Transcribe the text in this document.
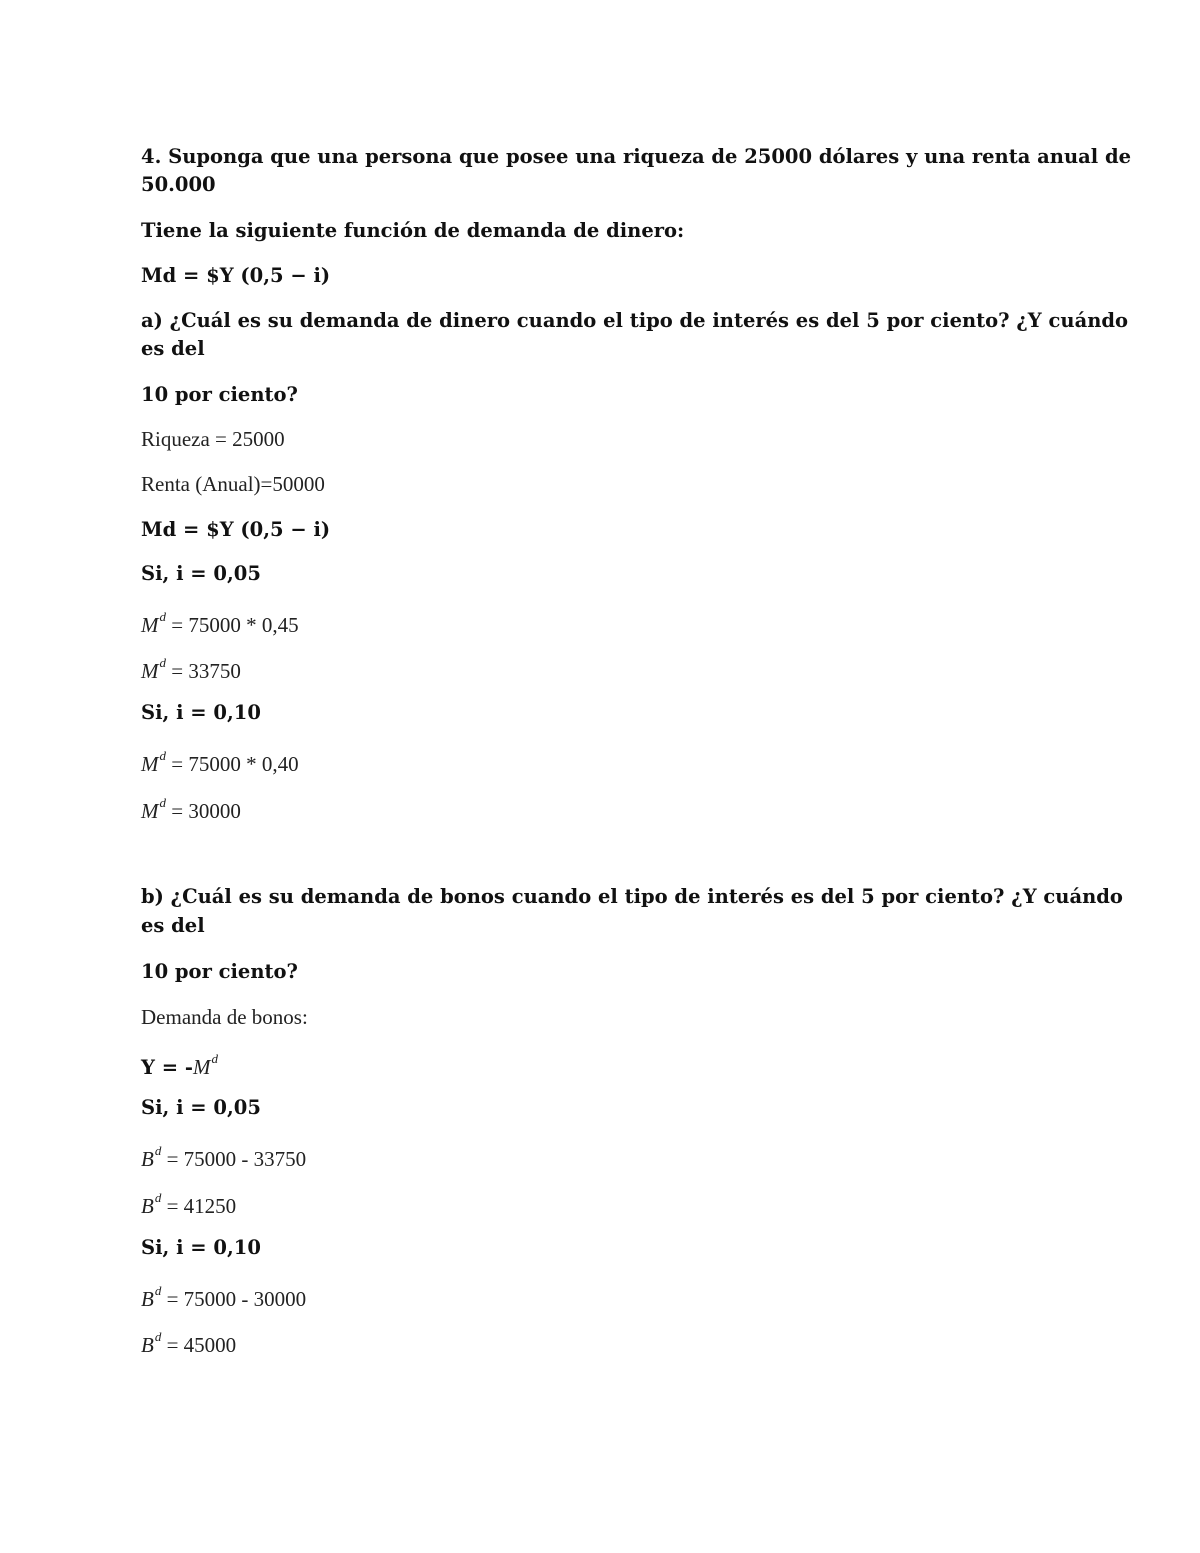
4. Suponga que una persona que posee una riqueza de 25000 dólares y una renta anual de
50.000
Tiene la siguiente función de demanda de dinero:
Md = $Y (0,5 − i)
a) ¿Cuál es su demanda de dinero cuando el tipo de interés es del 5 por ciento? ¿Y cuándo
es del
10 por ciento?
Riqueza = 25000
Renta (Anual)=50000
Md = $Y (0,5 − i)
Si, i = 0,05
$M^d = 75000 * 0,45$
$M^d = 33750$
Si, i = 0,10
$M^d = 75000 * 0,40$
$M^d = 30000$
b) ¿Cuál es su demanda de bonos cuando el tipo de interés es del 5 por ciento? ¿Y cuándo
es del
10 por ciento?
Demanda de bonos:
$Y = -M^d$
Si, i = 0,05
$B^d = 75000 - 33750$
$B^d = 41250$
Si, i = 0,10
$B^d = 75000 - 30000$
$B^d = 45000$
